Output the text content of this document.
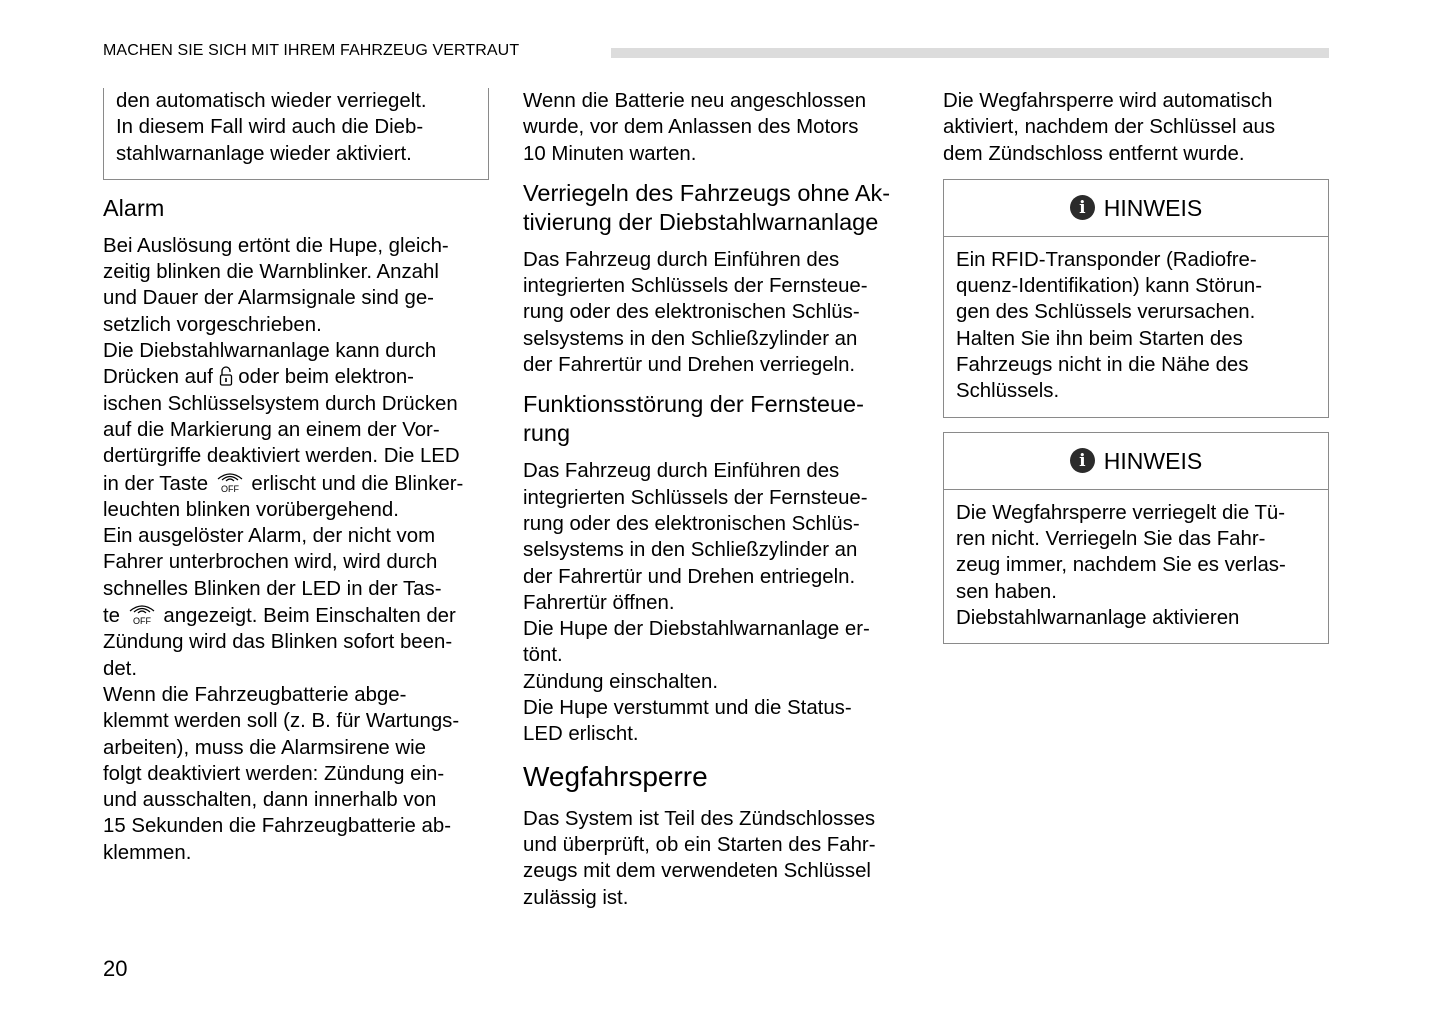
MACHEN SIE SICH MIT IHREM FAHRZEUG VERTRAUT

den automatisch wieder verriegelt.

In diesem Fall wird auch die Dieb-

stahlwarnanlage wieder aktiviert.

Alarm

Bei Auslösung ertönt die Hupe, gleich-

zeitig blinken die Warnblinker. Anzahl

und Dauer der Alarmsignale sind ge-

setzlich vorgeschrieben.

Die Diebstahlwarnanlage kann durch

Drücken auf oder beim elektron-

ischen Schlüsselsystem durch Drücken

auf die Markierung an einem der Vor-

dertürgriffe deaktiviert werden. Die LED

in der Taste OFF erlischt und die Blinker-

leuchten blinken vorübergehend.

Ein ausgelöster Alarm, der nicht vom

Fahrer unterbrochen wird, wird durch

schnelles Blinken der LED in der Tas-

te OFF angezeigt. Beim Einschalten der

Zündung wird das Blinken sofort been-

det.

Wenn die Fahrzeugbatterie abge-

klemmt werden soll (z. B. für Wartungs-

arbeiten), muss die Alarmsirene wie

folgt deaktiviert werden: Zündung ein-

und ausschalten, dann innerhalb von

15 Sekunden die Fahrzeugbatterie ab-

klemmen.

Wenn die Batterie neu angeschlossen

wurde, vor dem Anlassen des Motors

10 Minuten warten.

Verriegeln des Fahrzeugs ohne Ak-
tivierung der Diebstahlwarnanlage

Das Fahrzeug durch Einführen des

integrierten Schlüssels der Fernsteue-

rung oder des elektronischen Schlüs-

selsystems in den Schließzylinder an

der Fahrertür und Drehen verriegeln.

Funktionsstörung der Fernsteue-
rung

Das Fahrzeug durch Einführen des

integrierten Schlüssels der Fernsteue-

rung oder des elektronischen Schlüs-

selsystems in den Schließzylinder an

der Fahrertür und Drehen entriegeln.

Fahrertür öffnen.

Die Hupe der Diebstahlwarnanlage er-

tönt.

Zündung einschalten.

Die Hupe verstummt und die Status-

LED erlischt.

Wegfahrsperre

Das System ist Teil des Zündschlosses

und überprüft, ob ein Starten des Fahr-

zeugs mit dem verwendeten Schlüssel

zulässig ist.

Die Wegfahrsperre wird automatisch

aktiviert, nachdem der Schlüssel aus

dem Zündschloss entfernt wurde.

i HINWEIS

Ein RFID-Transponder (Radiofre-

quenz-Identifikation) kann Störun-

gen des Schlüssels verursachen.

Halten Sie ihn beim Starten des

Fahrzeugs nicht in die Nähe des

Schlüssels.

i HINWEIS

Die Wegfahrsperre verriegelt die Tü-

ren nicht. Verriegeln Sie das Fahr-

zeug immer, nachdem Sie es verlas-

sen haben.

Diebstahlwarnanlage aktivieren

20
